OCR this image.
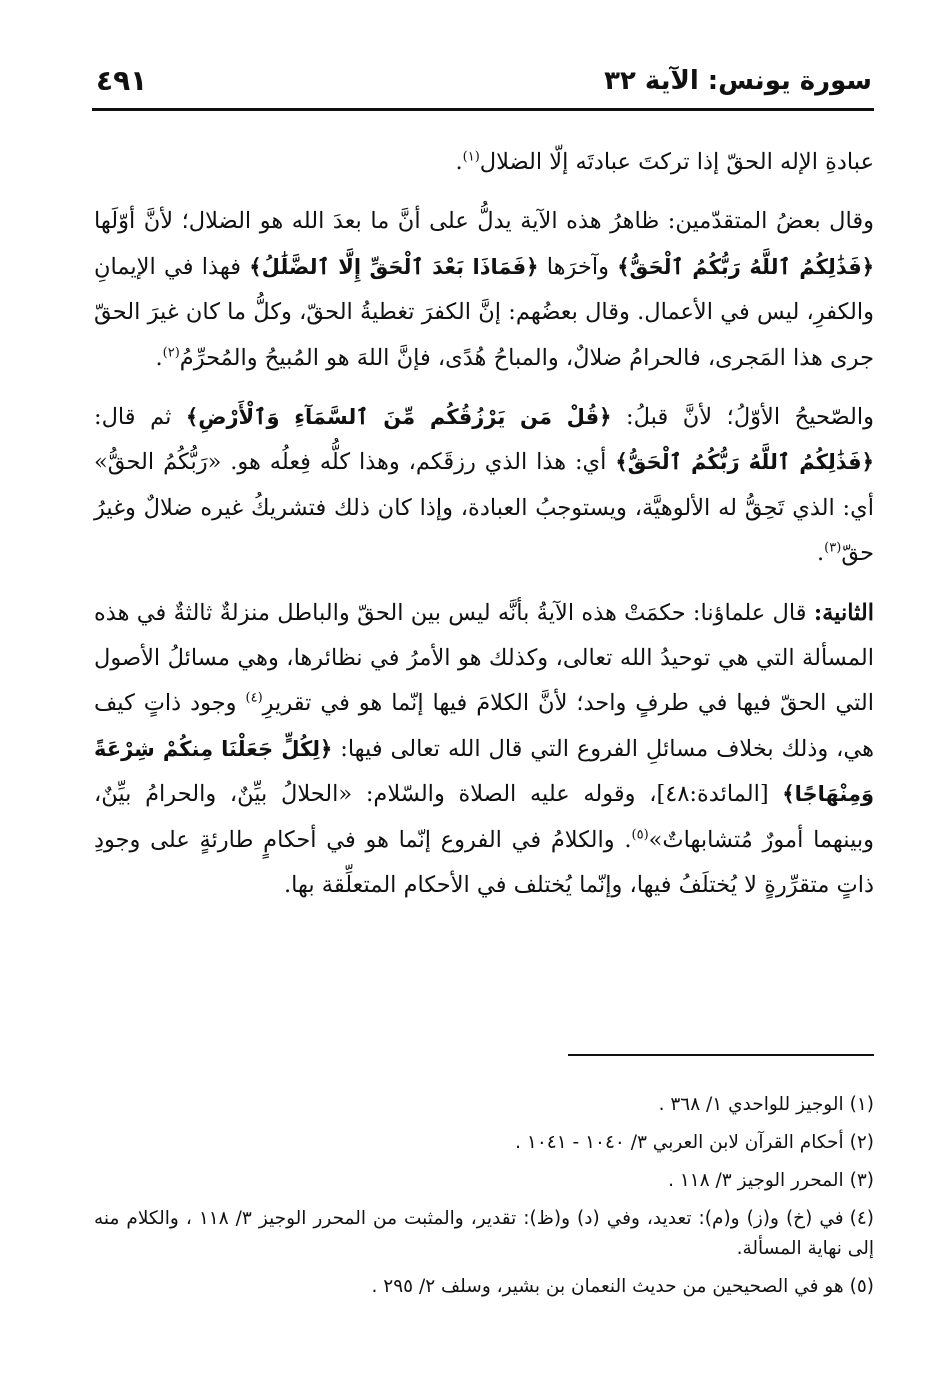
سورة يونس: الآية ٣٢
٤٩١

عبادةِ الإله الحقّ إذا تركتَ عبادتَه إلّا الضلال$^{(١)}$.

وقال بعضُ المتقدّمين: ظاهرُ هذه الآية يدلُّ على أنَّ ما بعدَ الله هو الضلال؛ لأنَّ أوّلَها ﴿فَذَٰلِكُمُ ٱللَّهُ رَبُّكُمُ ٱلْحَقُّ﴾ وآخرَها ﴿فَمَاذَا بَعْدَ ٱلْحَقِّ إِلَّا ٱلضَّلَٰلُ﴾ فهذا في الإيمانِ والكفرِ، ليس في الأعمال. وقال بعضُهم: إنَّ الكفرَ تغطيةُ الحقّ، وكلُّ ما كان غيرَ الحقّ جرى هذا المَجرى، فالحرامُ ضلالٌ، والمباحُ هُدًى، فإنَّ اللهَ هو المُبيحُ والمُحرِّمُ$^{(٢)}$.

والصّحيحُ الأوّلُ؛ لأنَّ قبلُ: ﴿قُلْ مَن يَرْزُقُكُم مِّنَ ٱلسَّمَآءِ وَٱلْأَرْضِ﴾ ثم قال: ﴿فَذَٰلِكُمُ ٱللَّهُ رَبُّكُمُ ٱلْحَقُّ﴾ أي: هذا الذي رزقَكم، وهذا كلُّه فِعلُه هو. «رَبُّكُمُ الحقُّ» أي: الذي تَحِقُّ له الألوهيَّة، ويستوجبُ العبادة، وإذا كان ذلك فتشريكُ غيره ضلالٌ وغيرُ حقّ$^{(٣)}$.

الثانية: قال علماؤنا: حكمَتْ هذه الآيةُ بأنَّه ليس بين الحقّ والباطل منزلةٌ ثالثةٌ في هذه المسألة التي هي توحيدُ الله تعالى، وكذلك هو الأمرُ في نظائرها، وهي مسائلُ الأصول التي الحقّ فيها في طرفٍ واحد؛ لأنَّ الكلامَ فيها إنّما هو في تقريرِ$^{(٤)}$ وجود ذاتٍ كيف هي، وذلك بخلاف مسائلِ الفروع التي قال الله تعالى فيها: ﴿لِكُلٍّ جَعَلْنَا مِنكُمْ شِرْعَةً وَمِنْهَاجًا﴾ [المائدة:٤٨]، وقوله عليه الصلاة والسّلام: «الحلالُ بيِّنٌ، والحرامُ بيِّنٌ، وبينهما أمورٌ مُتشابهاتٌ»$^{(٥)}$. والكلامُ في الفروع إنّما هو في أحكامٍ طارئةٍ على وجودِ ذاتٍ متقرِّرةٍ لا يُختلَفُ فيها، وإنّما يُختلف في الأحكام المتعلِّقة بها.

(١)الوجيز للواحدي ١/ ٣٦٨ .

(٢)أحكام القرآن لابن العربي ٣/ ١٠٤٠ - ١٠٤١ .

(٣)المحرر الوجيز ٣/ ١١٨ .

(٤)في (خ) و(ز) و(م): تعديد، وفي (د) و(ظ): تقدير، والمثبت من المحرر الوجيز ٣/ ١١٨ ، والكلام منه إلى نهاية المسألة.

(٥)هو في الصحيحين من حديث النعمان بن بشير، وسلف ٢/ ٢٩٥ .
